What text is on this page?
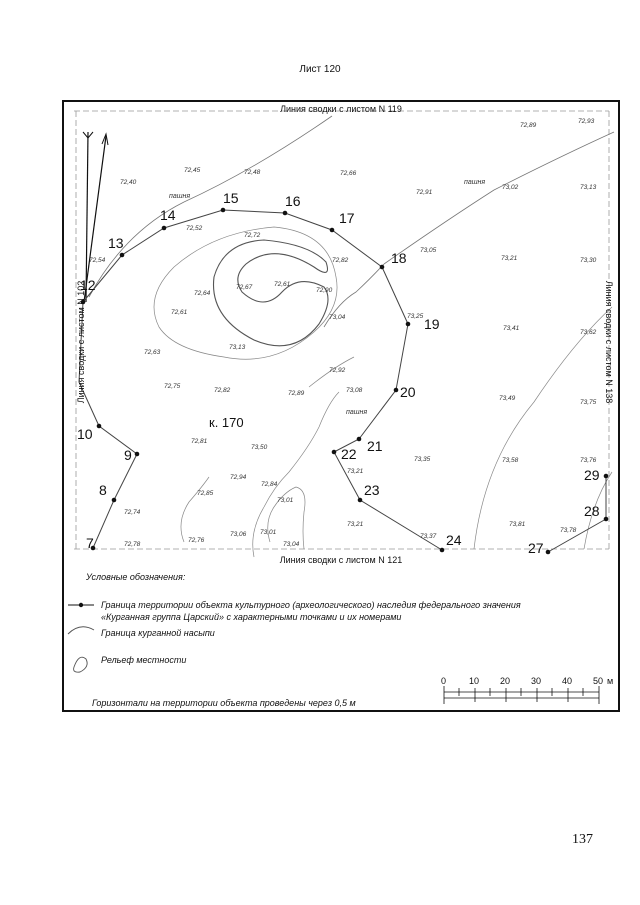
Лист 120
7
8
9
10
12
13
14
15	16
17
18
19
20
21
22
23
24	27
28
29
к. 170
пашня
пашня
пашня
72,89
72,93
72,45	72,48
72,40
72,66
72,91
73,02	73,13
72,52
72,72
72,54	72,82
73,05
73,21	73,30
72,67	72,61
72,64	72,90
72,61
73,04	73,25
73,41
73,62
73,13
72,63
72,92
72,75
72,82	72,89	73,08
73,49
73,75
72,81
73,50
73,35	73,58	73,76
72,94
72,84
72,85
73,01
73,21
72,74
73,21	73,81
73,78
72,78
72,76
73,06 73,01
73,04
73,37
0	10 20 30 40 50 м
Линия сводки с листом N 119
Линия сводки с листом N 121
Линия сводки с листом N 102	Линия сводки с листом N 138
Условные обозначения:
Граница территории объекта культурного (археологического) наследия федерального значения
«Курганная группа Царский» с характерными точками и их номерами
Граница курганной насыпи
Рельеф местности
Горизонтали на территории объекта проведены через 0,5 м
137
